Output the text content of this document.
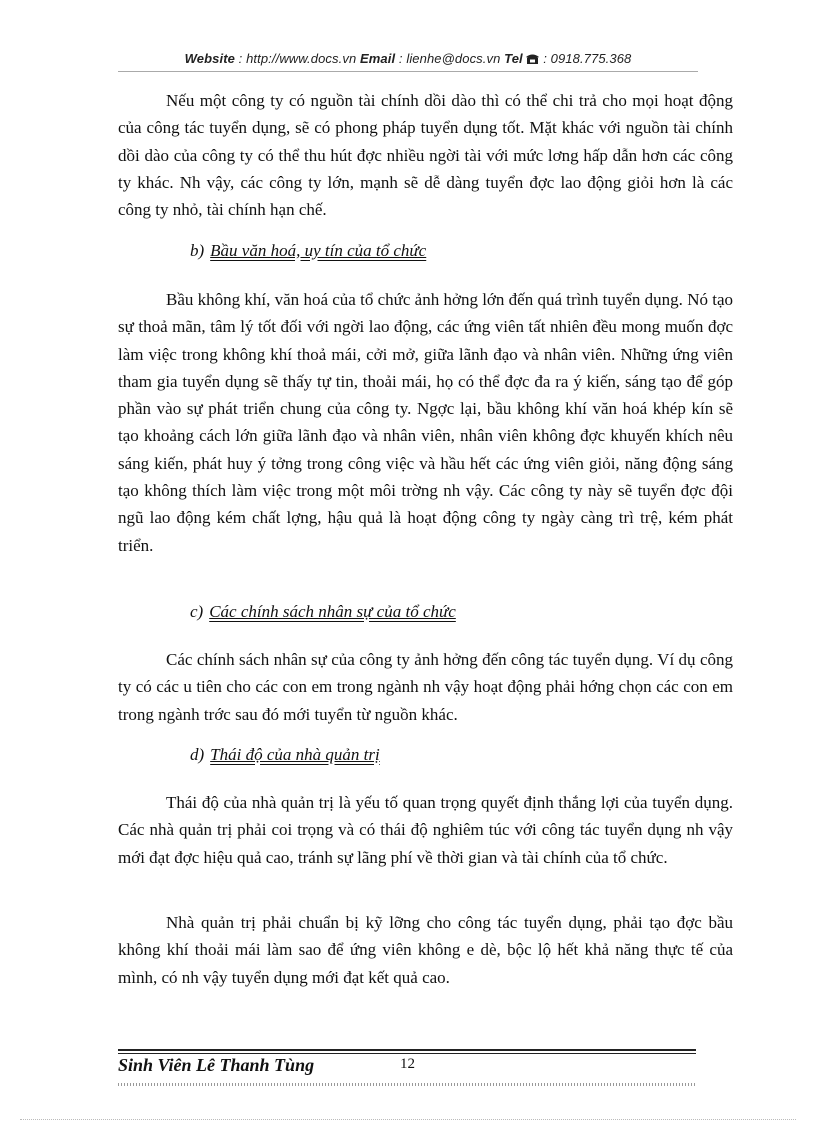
Website : http://www.docs.vn Email : lienhe@docs.vn Tel : 0918.775.368

Nếu một công ty có nguồn tài chính dồi dào thì có thể chi trả cho mọi hoạt động của công tác tuyển dụng, sẽ có phong pháp tuyển dụng tốt. Mặt khác với nguồn tài chính dồi dào của công ty có thể thu hút đợc nhiều ngời tài với mức lơng hấp dẫn hơn các công ty khác. Nh vậy, các công ty lớn, mạnh sẽ dễ dàng tuyển đợc lao động giỏi hơn là các công ty nhỏ, tài chính hạn chế.

b) Bầu văn hoá, uy tín của tổ chức

Bầu không khí, văn hoá của tổ chức ảnh hởng lớn đến quá trình tuyển dụng. Nó tạo sự thoả mãn, tâm lý tốt đối với ngời lao động, các ứng viên tất nhiên đều mong muốn đợc làm việc trong không khí thoả mái, cởi mở, giữa lãnh đạo và nhân viên. Những ứng viên tham gia tuyển dụng sẽ thấy tự tin, thoải mái, họ có thể đợc đa ra ý kiến, sáng tạo để góp phần vào sự phát triển chung của công ty. Ngợc lại, bầu không khí văn hoá khép kín sẽ tạo khoảng cách lớn giữa lãnh đạo và nhân viên, nhân viên không đợc khuyến khích nêu sáng kiến, phát huy ý tởng trong công việc và hầu hết các ứng viên giỏi, năng động sáng tạo không thích làm việc trong một môi trờng nh vậy. Các công ty này sẽ tuyển đợc đội ngũ lao động kém chất lợng, hậu quả là hoạt động công ty ngày càng trì trệ, kém phát triển.

c) Các chính sách nhân sự của tổ chức

Các chính sách nhân sự của công ty ảnh hởng đến công tác tuyển dụng. Ví dụ công ty có các u tiên cho các con em trong ngành nh vậy hoạt động phải hớng chọn các con em trong ngành trớc sau đó mới tuyển từ nguồn khác.

d) Thái độ của nhà quản trị

Thái độ của nhà quản trị là yếu tố quan trọng quyết định thắng lợi của tuyển dụng. Các nhà quản trị phải coi trọng và có thái độ nghiêm túc với công tác tuyển dụng nh vậy mới đạt đợc hiệu quả cao, tránh sự lãng phí về thời gian và tài chính của tổ chức.

Nhà quản trị phải chuẩn bị kỹ lỡng cho công tác tuyển dụng, phải tạo đợc bầu không khí thoải mái làm sao để ứng viên không e dè, bộc lộ hết khả năng thực tế của mình, có nh vậy tuyển dụng mới đạt kết quả cao.

Sinh Viên Lê Thanh Tùng	12
